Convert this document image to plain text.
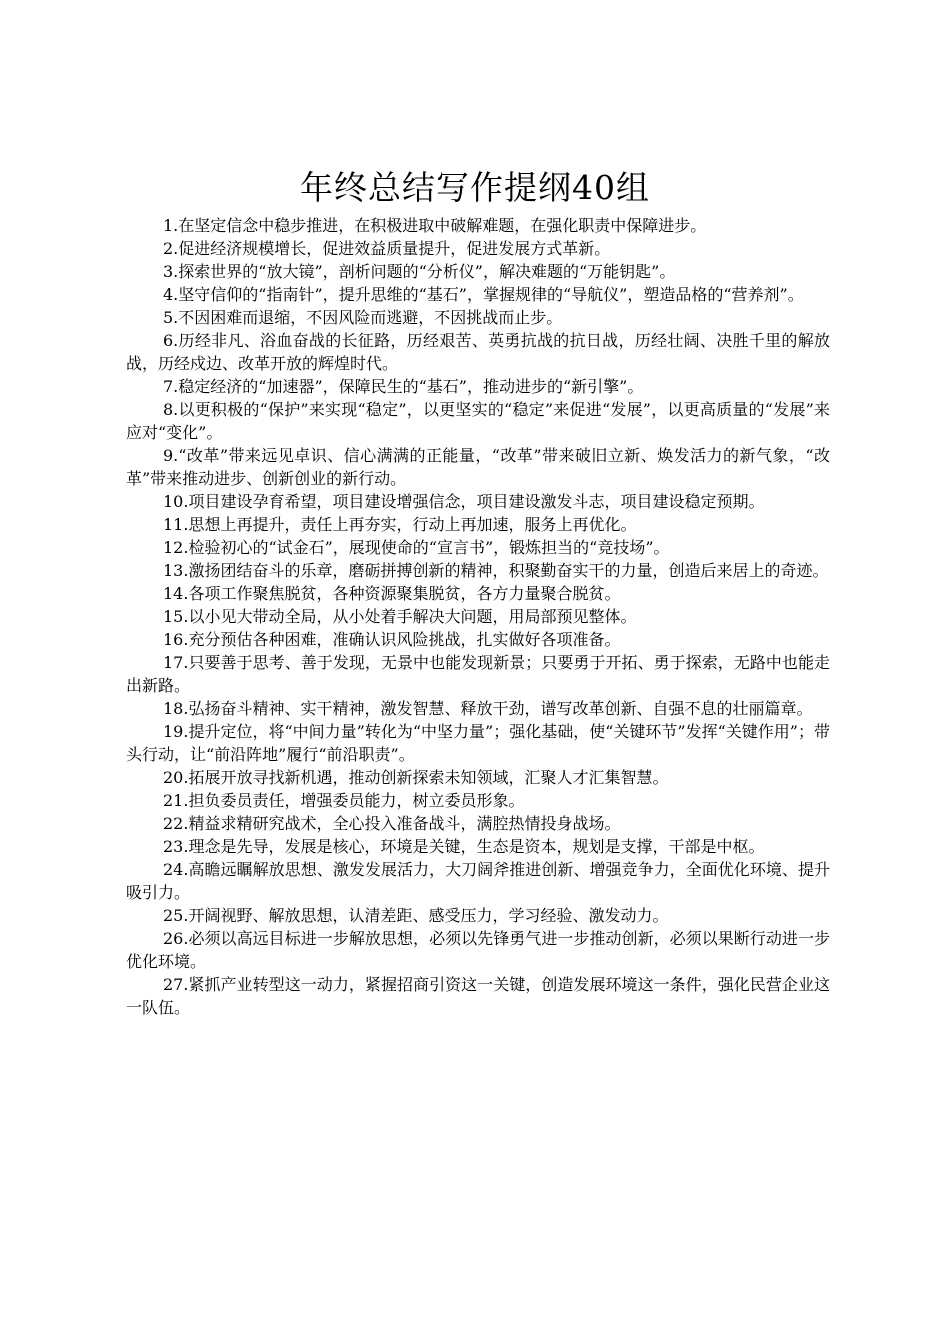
年终总结写作提纲40组

1.在坚定信念中稳步推进，在积极进取中破解难题，在强化职责中保障进步。

2.促进经济规模增长，促进效益质量提升，促进发展方式革新。

3.探索世界的“放大镜”，剖析问题的“分析仪”，解决难题的“万能钥匙”。

4.坚守信仰的“指南针”，提升思维的“基石”，掌握规律的“导航仪”，塑造品格的“营养剂”。

5.不因困难而退缩，不因风险而逃避，不因挑战而止步。

6.历经非凡、浴血奋战的长征路，历经艰苦、英勇抗战的抗日战，历经壮阔、决胜千里的解放战，历经戍边、改革开放的辉煌时代。

7.稳定经济的“加速器”，保障民生的“基石”，推动进步的“新引擎”。

8.以更积极的“保护”来实现“稳定”，以更坚实的“稳定”来促进“发展”，以更高质量的“发展”来应对“变化”。

9.“改革”带来远见卓识、信心满满的正能量，“改革”带来破旧立新、焕发活力的新气象，“改革”带来推动进步、创新创业的新行动。

10.项目建设孕育希望，项目建设增强信念，项目建设激发斗志，项目建设稳定预期。

11.思想上再提升，责任上再夯实，行动上再加速，服务上再优化。

12.检验初心的“试金石”，展现使命的“宣言书”，锻炼担当的“竞技场”。

13.激扬团结奋斗的乐章，磨砺拼搏创新的精神，积聚勤奋实干的力量，创造后来居上的奇迹。

14.各项工作聚焦脱贫，各种资源聚集脱贫，各方力量聚合脱贫。

15.以小见大带动全局，从小处着手解决大问题，用局部预见整体。

16.充分预估各种困难，准确认识风险挑战，扎实做好各项准备。

17.只要善于思考、善于发现，无景中也能发现新景；只要勇于开拓、勇于探索，无路中也能走出新路。

18.弘扬奋斗精神、实干精神，激发智慧、释放干劲，谱写改革创新、自强不息的壮丽篇章。

19.提升定位，将“中间力量”转化为“中坚力量”；强化基础，使“关键环节”发挥“关键作用”；带头行动，让“前沿阵地”履行“前沿职责”。

20.拓展开放寻找新机遇，推动创新探索未知领域，汇聚人才汇集智慧。

21.担负委员责任，增强委员能力，树立委员形象。

22.精益求精研究战术，全心投入准备战斗，满腔热情投身战场。

23.理念是先导，发展是核心，环境是关键，生态是资本，规划是支撑，干部是中枢。

24.高瞻远瞩解放思想、激发发展活力，大刀阔斧推进创新、增强竞争力，全面优化环境、提升吸引力。

25.开阔视野、解放思想，认清差距、感受压力，学习经验、激发动力。

26.必须以高远目标进一步解放思想，必须以先锋勇气进一步推动创新，必须以果断行动进一步优化环境。

27.紧抓产业转型这一动力，紧握招商引资这一关键，创造发展环境这一条件，强化民营企业这一队伍。
